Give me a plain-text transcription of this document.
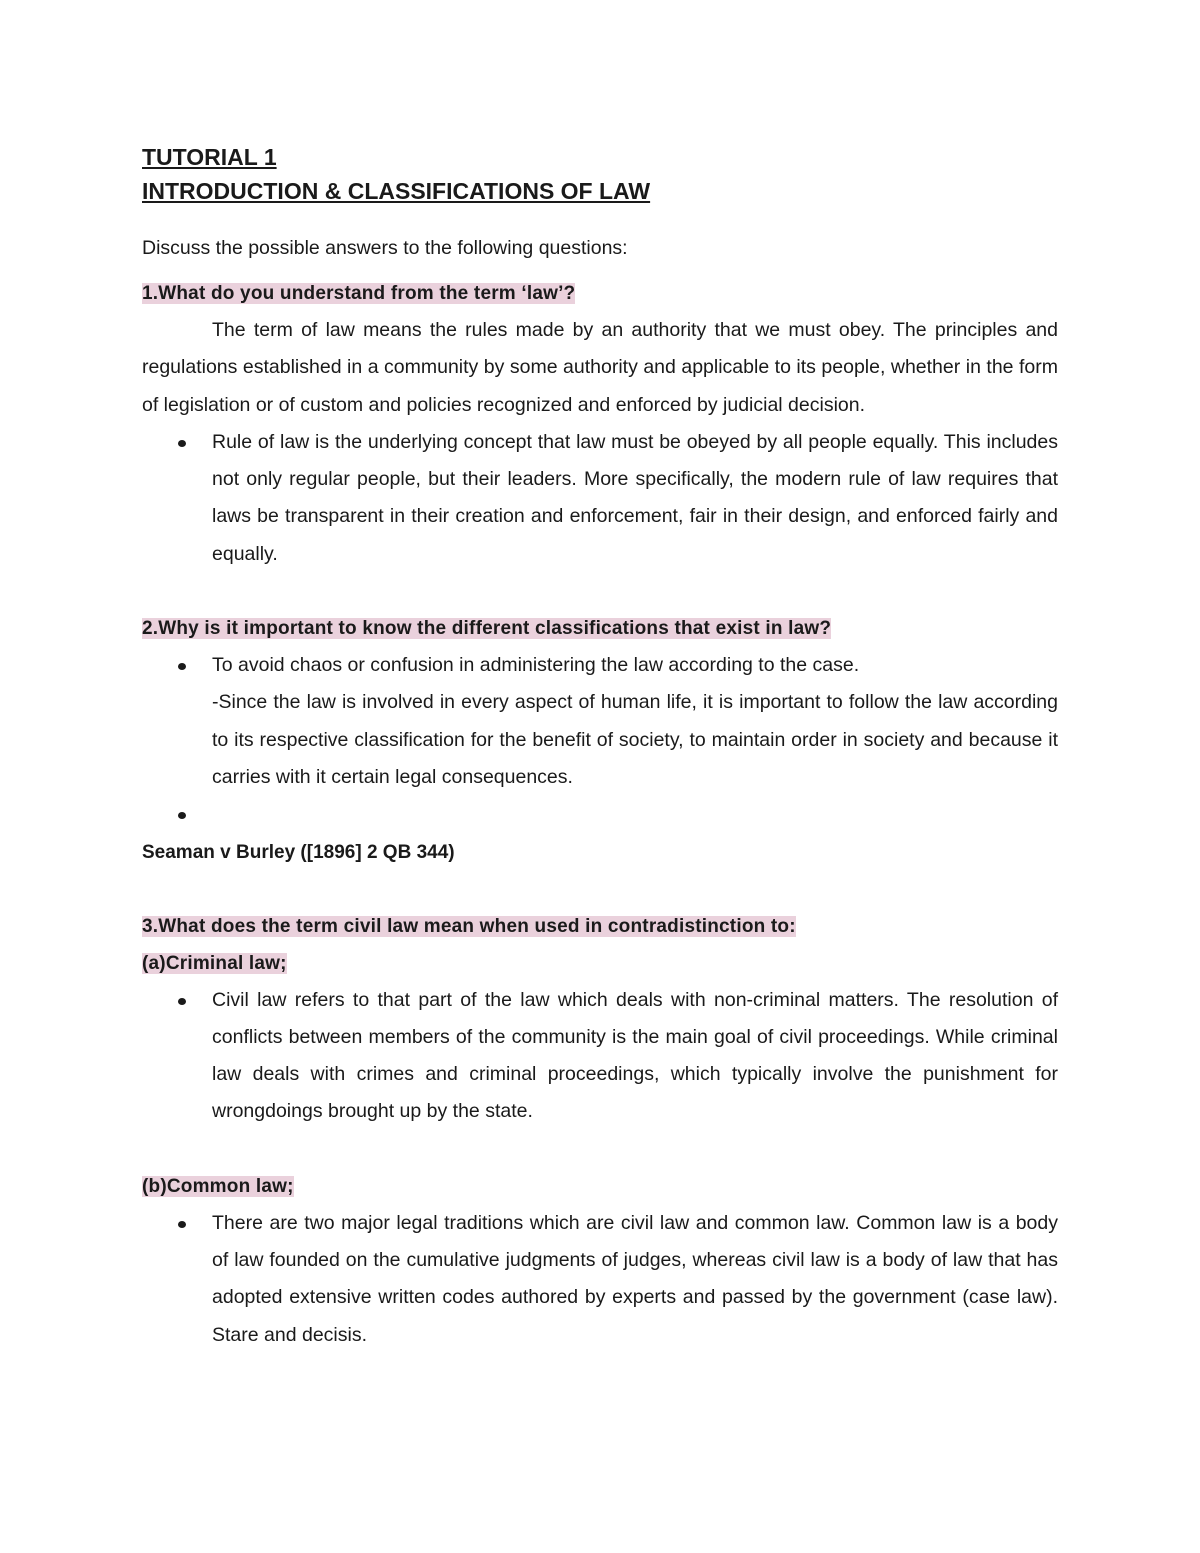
TUTORIAL 1

INTRODUCTION & CLASSIFICATIONS OF LAW

Discuss the possible answers to the following questions:

1.What do you understand from the term ‘law’?

The term of law means the rules made by an authority that we must obey. The principles and regulations established in a community by some authority and applicable to its people, whether in the form of legislation or of custom and policies recognized and enforced by judicial decision.

Rule of law is the underlying concept that law must be obeyed by all people equally. This includes not only regular people, but their leaders. More specifically, the modern rule of law requires that laws be transparent in their creation and enforcement, fair in their design, and enforced fairly and equally.

2.Why is it important to know the different classifications that exist in law?

To avoid chaos or confusion in administering the law according to the case.
-Since the law is involved in every aspect of human life, it is important to follow the law according to its respective classification for the benefit of society, to maintain order in society and because it carries with it certain legal consequences.

Seaman v Burley ([1896] 2 QB 344)

3.What does the term civil law mean when used in contradistinction to:

(a)Criminal law;

Civil law refers to that part of the law which deals with non-criminal matters. The resolution of conflicts between members of the community is the main goal of civil proceedings. While criminal law deals with crimes and criminal proceedings, which typically involve the punishment for wrongdoings brought up by the state.

(b)Common law;

There are two major legal traditions which are civil law and common law. Common law is a body of law founded on the cumulative judgments of judges, whereas civil law is a body of law that has adopted extensive written codes authored by experts and passed by the government (case law). Stare and decisis.
